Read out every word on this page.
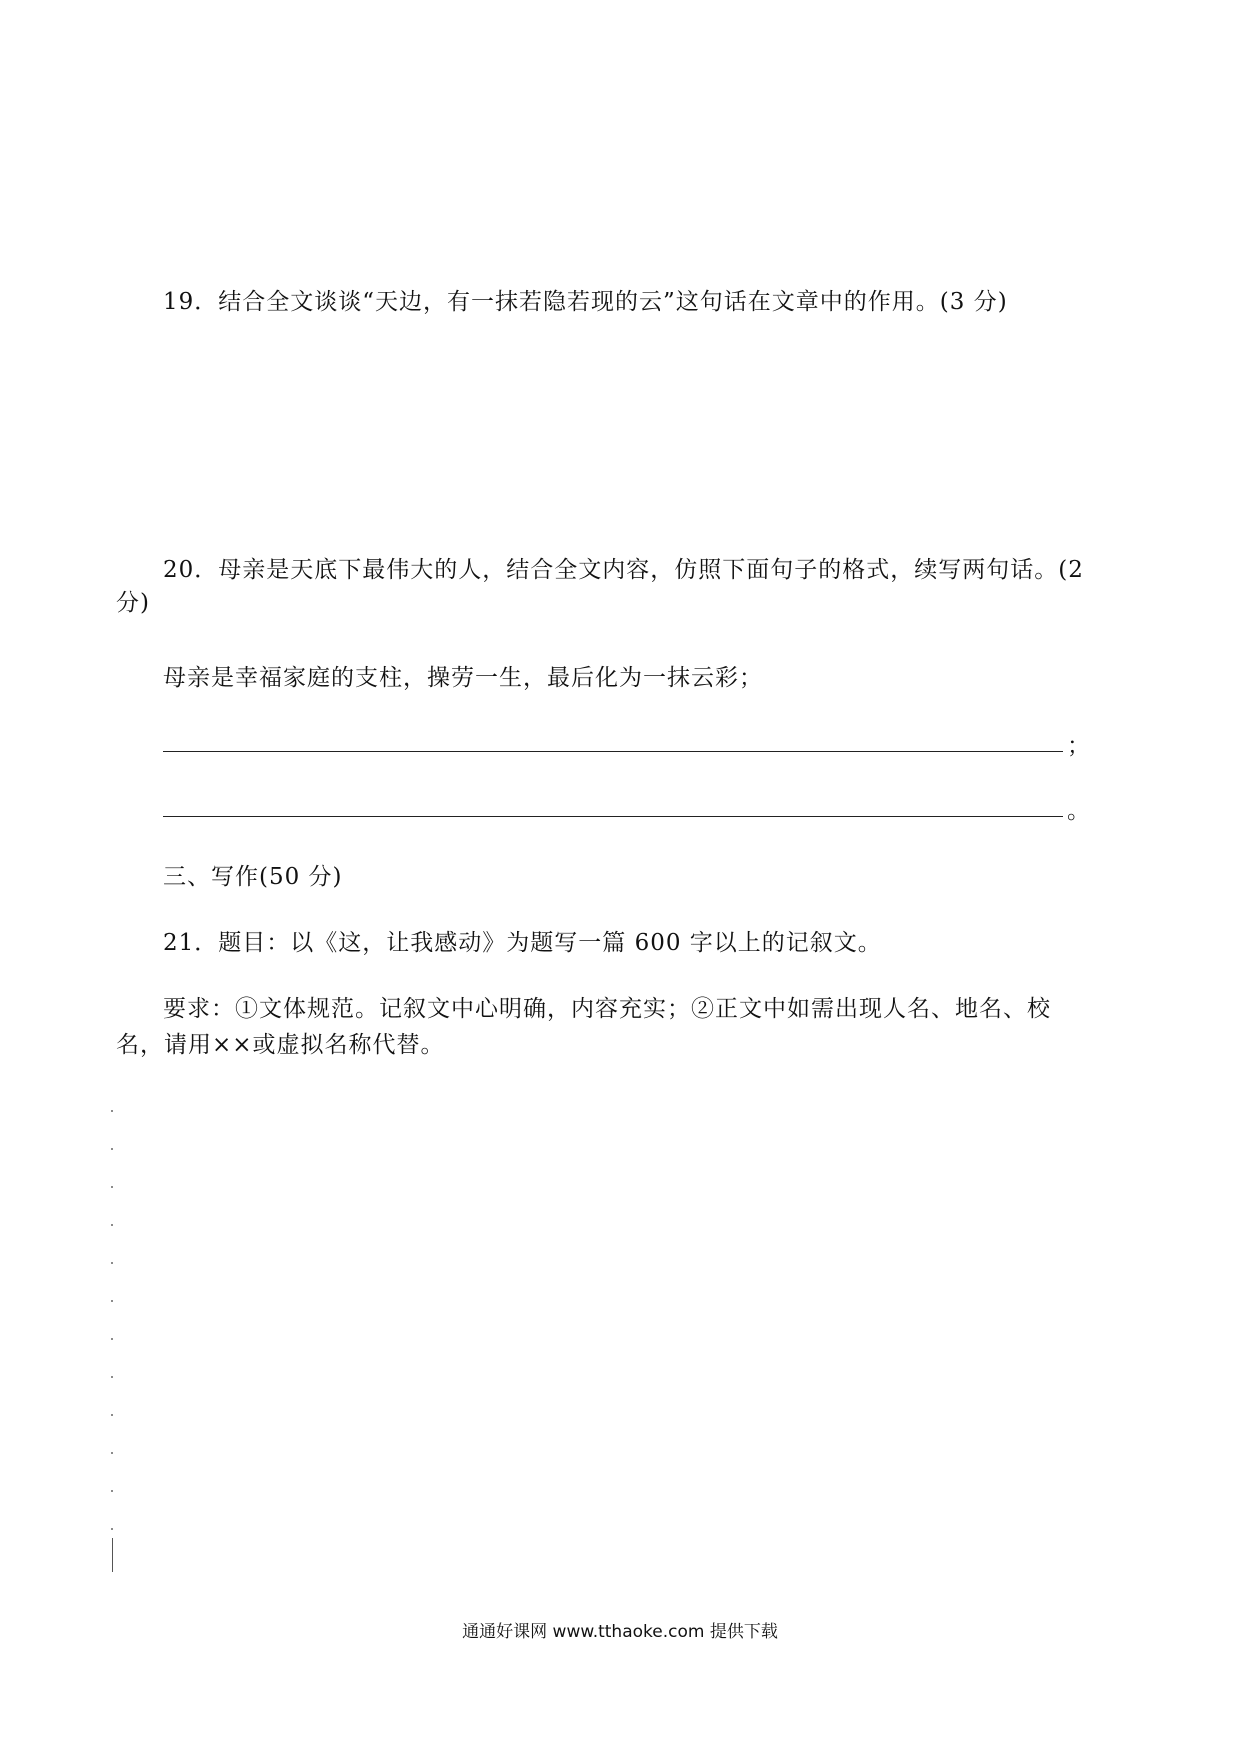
19．结合全文谈谈“天边，有一抹若隐若现的云”这句话在文章中的作用。(3 分)
20．母亲是天底下最伟大的人，结合全文内容，仿照下面句子的格式，续写两句话。(2
分)
母亲是幸福家庭的支柱，操劳一生，最后化为一抹云彩；
；
。
三、写作(50 分)
21．题目：以《这，让我感动》为题写一篇 600 字以上的记叙文。
要求：①文体规范。记叙文中心明确，内容充实；②正文中如需出现人名、地名、校
名，请用××或虚拟名称代替。
通通好课网 www.tthaoke.com 提供下载
